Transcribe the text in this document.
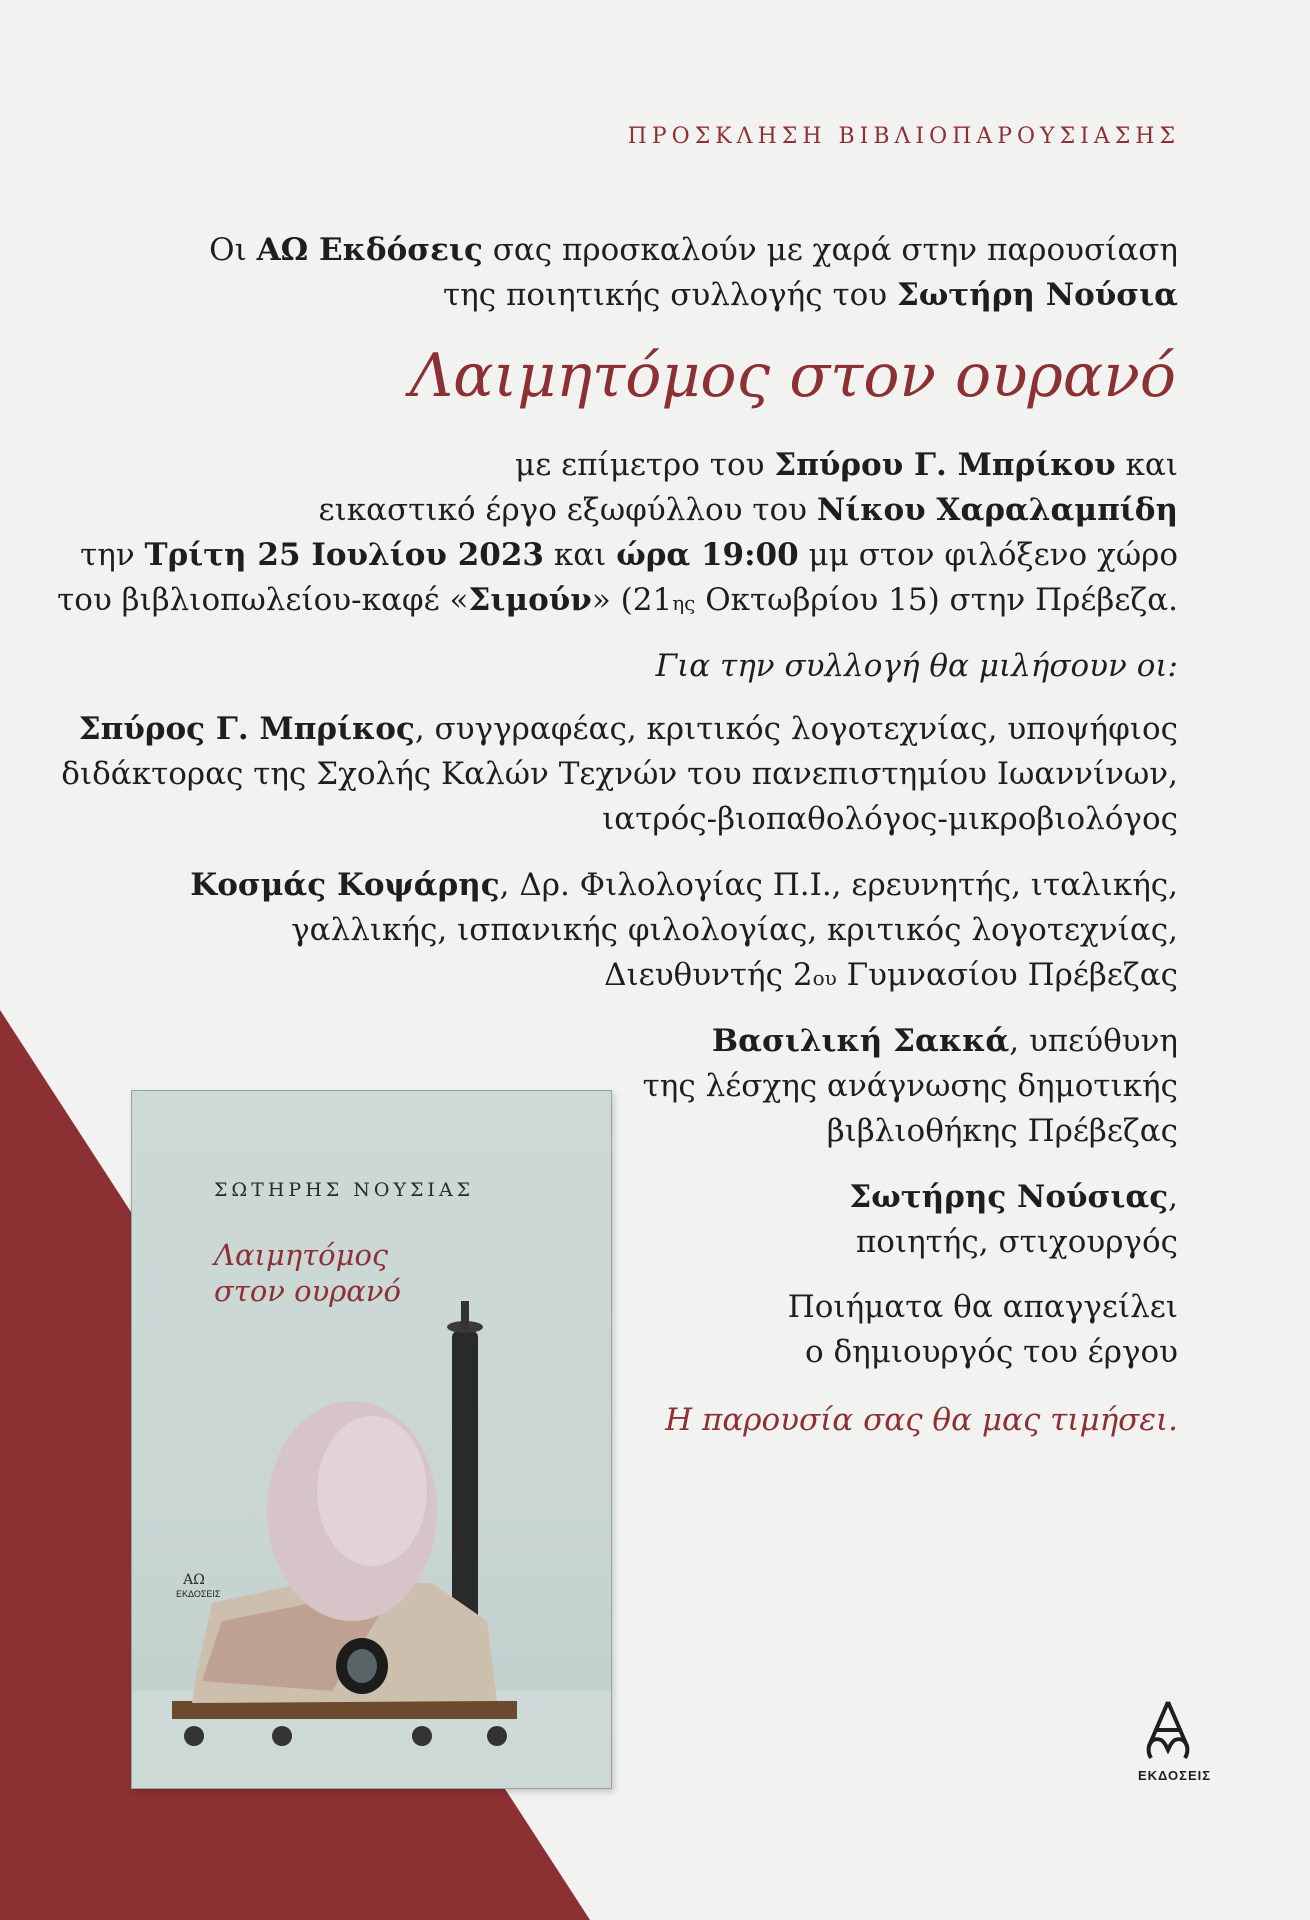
ΠΡΟΣΚΛΗΣΗ ΒΙΒΛΙΟΠΑΡΟΥΣΙΑΣΗΣ
Οι ΑΩ Εκδόσεις σας προσκαλούν με χαρά στην παρουσίαση
της ποιητικής συλλογής του Σωτήρη Νούσια
Λαιμητόμος στον ουρανό
με επίμετρο του Σπύρου Γ. Μπρίκου και
εικαστικό έργο εξωφύλλου του Νίκου Χαραλαμπίδη
την Τρίτη 25 Ιουλίου 2023 και ώρα 19:00 μμ στον φιλόξενο χώρο
του βιβλιοπωλείου-καφέ «Σιμούν» (21ης Οκτωβρίου 15) στην Πρέβεζα.
Για την συλλογή θα μιλήσουν οι:
Σπύρος Γ. Μπρίκος, συγγραφέας, κριτικός λογοτεχνίας, υποψήφιος
διδάκτορας της Σχολής Καλών Τεχνών του πανεπιστημίου Ιωαννίνων,
ιατρός-βιοπαθολόγος-μικροβιολόγος
Κοσμάς Κοψάρης, Δρ. Φιλολογίας Π.Ι., ερευνητής, ιταλικής,
γαλλικής, ισπανικής φιλολογίας, κριτικός λογοτεχνίας,
Διευθυντής 2ου Γυμνασίου Πρέβεζας
Βασιλική Σακκά, υπεύθυνη
της λέσχης ανάγνωσης δημοτικής
βιβλιοθήκης Πρέβεζας
Σωτήρης Νούσιας,
ποιητής, στιχουργός
Ποιήματα θα απαγγείλει
ο δημιουργός του έργου
Η παρουσία σας θα μας τιμήσει.
ΑΩ
ΣΩΤΗΡΗΣ ΝΟΥΣΙΑΣ
Λαιμητόμος
στον ουρανό
ΕΚΔΟΣΕΙΣ
ΕΚΔΟΣΕΙΣ
